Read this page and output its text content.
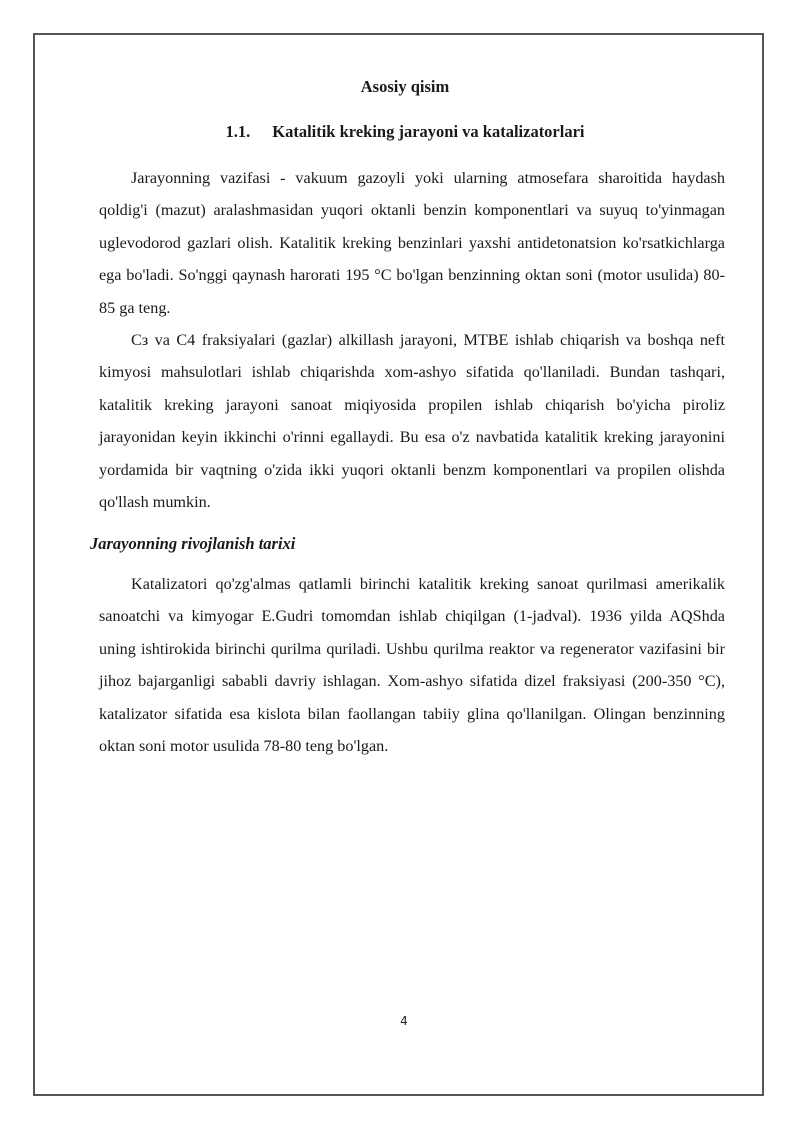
Asosiy qisim
1.1. Katalitik kreking jarayoni va katalizatorlari

Jarayonning vazifasi - vakuum gazoyli yoki ularning atmosefara sharoitida haydash qoldig'i (mazut) aralashmasidan yuqori oktanli benzin komponentlari va suyuq to'yinmagan uglevodorod gazlari olish. Katalitik kreking benzinlari yaxshi antidetonatsion ko'rsatkichlarga ega bo'ladi. So'nggi qaynash harorati 195 °C bo'lgan benzinning oktan soni (motor usulida) 80- 85 ga teng.

Cз va C4 fraksiyalari (gazlar) alkillash jarayoni, MTBE ishlab chiqarish va boshqa neft kimyosi mahsulotlari ishlab chiqarishda xom-ashyo sifatida qo'llaniladi. Bundan tashqari, katalitik kreking jarayoni sanoat miqiyosida propilen ishlab chiqarish bo'yicha piroliz jarayonidan keyin ikkinchi o'rinni egallaydi. Bu esa o'z navbatida katalitik kreking jarayonini yordamida bir vaqtning o'zida ikki yuqori oktanli benzm komponentlari va propilen olishda qo'llash mumkin.

Jarayonning rivojlanish tarixi

Katalizatori qo'zg'almas qatlamli birinchi katalitik kreking sanoat qurilmasi amerikalik sanoatchi va kimyogar E.Gudri tomomdan ishlab chiqilgan (1-jadval). 1936 yilda AQShda uning ishtirokida birinchi qurilma quriladi. Ushbu qurilma reaktor va regenerator vazifasini bir jihoz bajarganligi sababli davriy ishlagan. Xom-ashyo sifatida dizel fraksiyasi (200-350 °C), katalizator sifatida esa kislota bilan faollangan tabiiy glina qo'llanilgan. Olingan benzinning oktan soni motor usulida 78-80 teng bo'lgan.

4
